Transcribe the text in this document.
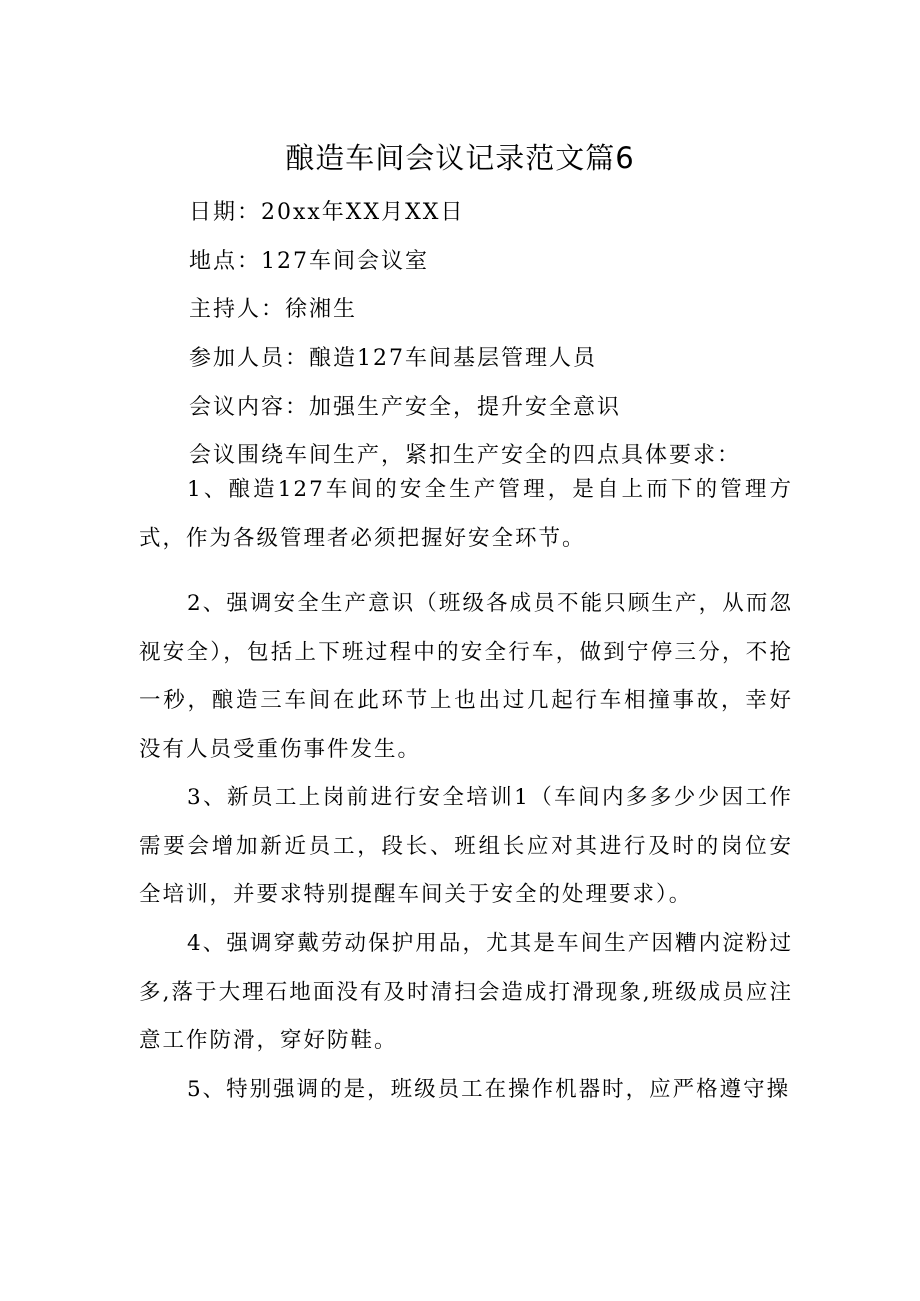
酿造车间会议记录范文篇6
日期：20xx年XX月XX日
地点：127车间会议室
主持人：徐湘生
参加人员：酿造127车间基层管理人员
会议内容：加强生产安全，提升安全意识
会议围绕车间生产，紧扣生产安全的四点具体要求：

1、酿造127车间的安全生产管理，是自上而下的管理方式，作为各级管理者必须把握好安全环节。

2、强调安全生产意识（班级各成员不能只顾生产，从而忽视安全），包括上下班过程中的安全行车，做到宁停三分，不抢一秒，酿造三车间在此环节上也出过几起行车相撞事故，幸好没有人员受重伤事件发生。

3、新员工上岗前进行安全培训1（车间内多多少少因工作需要会增加新近员工，段长、班组长应对其进行及时的岗位安全培训，并要求特别提醒车间关于安全的处理要求）。

4、强调穿戴劳动保护用品，尤其是车间生产因糟内淀粉过多,落于大理石地面没有及时清扫会造成打滑现象,班级成员应注意工作防滑，穿好防鞋。

5、特别强调的是，班级员工在操作机器时，应严格遵守操
